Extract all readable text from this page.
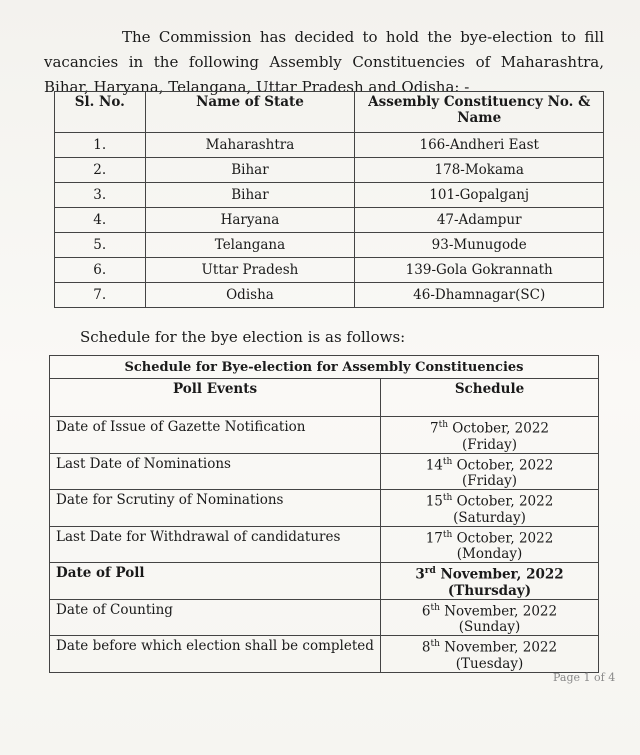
The Commission has decided to hold the bye-election to fill vacancies in the following Assembly Constituencies of Maharashtra, Bihar, Haryana, Telangana, Uttar Pradesh and Odisha: -

Sl. No.	Name of State	Assembly Constituency No. & Name
1.	Maharashtra	166-Andheri East
2.	Bihar	178-Mokama
3.	Bihar	101-Gopalganj
4.	Haryana	47-Adampur
5.	Telangana	93-Munugode
6.	Uttar Pradesh	139-Gola Gokrannath
7.	Odisha	46-Dhamnagar(SC)
Schedule for the bye election is as follows:
Schedule for Bye-election for Assembly Constituencies	
Poll Events	Schedule
Date of Issue of Gazette Notification	7th October, 2022
(Friday)
Last Date of Nominations	14th October, 2022
(Friday)
Date for Scrutiny of Nominations	15th October, 2022
(Saturday)
Last Date for Withdrawal of candidatures	17th October, 2022
(Monday)
Date of Poll	3rd November, 2022
(Thursday)
Date of Counting	6th November, 2022
(Sunday)
Date before which election shall be completed	8th November, 2022
(Tuesday)
Page 1 of 4
